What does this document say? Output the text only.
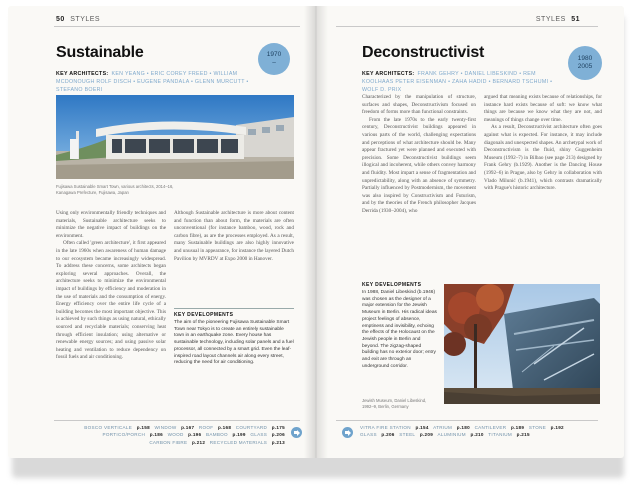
50 STYLES
Sustainable	1970
–
KEY ARCHITECTS: KEN YEANG • ERIC COREY FREED • WILLIAM MCDONOUGH ROLF DISCH • EUGENE PANDALA • GLENN MURCUTT • STEFANO BOERI
Fujisawa Sustainable Smart Town, various architects, 2014–16, Kanagawa Prefecture, Fujisawa, Japan

Using only environmentally friendly techniques and materials, Sustainable architecture seeks to minimize the negative impact of buildings on the environment.

Often called 'green architecture', it first appeared in the late 1960s when awareness of human damage to our ecosystem became increasingly widespread. To address these concerns, some architects began exploring several approaches. Overall, the architecture seeks to minimize the environmental impact of buildings by efficiency and moderation in the use of materials and the consumption of energy. Energy efficiency over the entire life cycle of a building becomes the most important objective. This is achieved by such things as using natural, ethically sourced and recyclable materials; conserving heat through efficient insulation; using alternative or renewable energy sources; and using passive solar heating and ventilation to reduce dependency on fossil fuels and air conditioning.

Although Sustainable architecture is more about content and function than about form, the materials are often unconventional (for instance bamboo, wood, rock and carbon fibre), as are the processes employed. As a result, many Sustainable buildings are also highly innovative and unusual in appearance, for instance the layered Dutch Pavilion by MVRDV at Expo 2000 in Hanover.

KEY DEVELOPMENTS
The aim of the pioneering Fujisawa Sustainable Smart Town near Tokyo is to create an entirely sustainable town in an earthquake zone. Every house has sustainable technology, including solar panels and a fuel processor, all connected by a smart grid. Even the leaf-inspired road layout channels air along every street, reducing the need for air conditioning.
BOSCO VERTICALE p.158 WINDOW p.167 ROOF p.168 COURTYARD p.175 PORTICO/PORCH p.186 WOOD p.196 BAMBOO p.199 GLASS p.206 CARBON FIBRE p.212 RECYCLED MATERIALS p.213
STYLES 51
Deconstructivist	1980
2005
KEY ARCHITECTS: FRANK GEHRY • DANIEL LIBESKIND • REM KOOLHAAS PETER EISENMAN • ZAHA HADID • BERNARD TSCHUMI • WOLF D. PRIX

Characterized by the manipulation of structure, surfaces and shapes, Deconstructivism focused on freedom of forms more than functional constraints.

From the late 1970s to the early twenty-first century, Deconstructivist buildings appeared in various parts of the world, challenging expectations and perceptions of what architecture should be. Many appear fractured yet were planned and executed with precision. Some Deconstructivist buildings seem illogical and incoherent, while others convey harmony and fluidity. Most impart a sense of fragmentation and unpredictability, along with an absence of symmetry. Partially influenced by Postmodernism, the movement was also inspired by Constructivism and Futurism, and by the theories of the French philosopher Jacques Derrida (1930–2004), who

argued that meaning exists because of relationships, for instance hard exists because of soft: we know what things are because we know what they are not, and meanings of things change over time.

As a result, Deconstructivist architecture often goes against what is expected. For instance, it may include diagonals and unexpected shapes. An archetypal work of Deconstructivism is the fluid, shiny Guggenheim Museum (1992–7) in Bilbao (see page 213) designed by Frank Gehry (b.1929). Another is the Dancing House (1992–6) in Prague, also by Gehry in collaboration with Vlado Milunić (b.1941), which contrasts dramatically with Prague's historic architecture.

KEY DEVELOPMENTS
In 1988, Daniel Libeskind (b.1946) was chosen as the designer of a major extension for the Jewish Museum in Berlin. His radical ideas project feelings of absence, emptiness and invisibility, echoing the effects of the Holocaust on the Jewish people in Berlin and beyond. The zigzag-shaped building has no exterior door; entry and exit are through an underground corridor.
Jewish Museum, Daniel Libeskind, 1992–9, Berlin, Germany
VITRA FIRE STATION p.154 ATRIUM p.180 CANTILEVER p.189 STONE p.192 GLASS p.206 STEEL p.209 ALUMINIUM p.210 TITANIUM p.215
